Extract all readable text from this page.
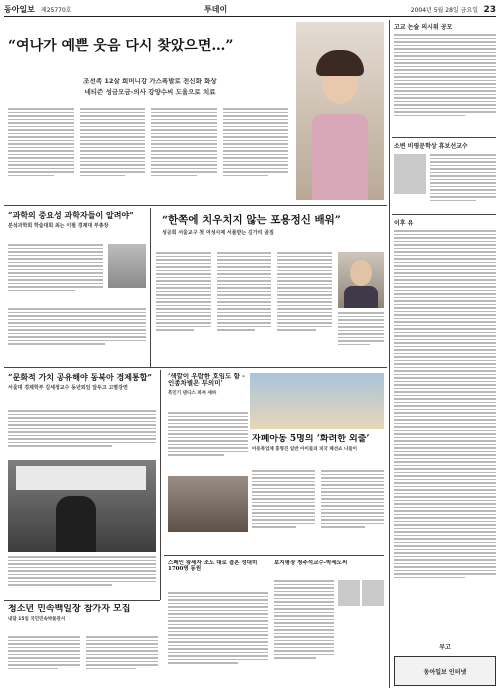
동아일보 제25770호	투데이	2004년 5월 28일 금요일 23
“여나가 예쁜 웃음 다시 찾았으면…”
조선족 12살 희머니강 가스폭발로 전신화 화상
네티즌 성금모금-의사 강양수씨 도움으로 치료
“과학의 중요성 과학자들이 알려야”
분석과학회 학술대회 최는 이필 경제대 부총장
“한쪽에 치우치지 않는 포용정신 배워”
성공회 서울교구 첫 여성사제 서품받는 김가리 골짐
“문화적 가치 공유해야 동북아 경제통합”
서울대 경제학부 김세정교수 동년퇴임 앞두고 고별강연
‘색깔이 우람한 호임도 함 -인종차별은 무의미’
흑인기 댄디스 퍼져 세바
자폐아동 5명의 ‘화려한 외출’
아동복업체 홍형진 일반 아이들과 피국 패션쇼 나들이
스페인 왕세자 조도 대로 결혼 성대히 1700명 동원
보지평장 청주석교수-박세도씨
청소년 민속백일장 참가자 모집
내달 15일 국민민속박물관서
고교 논술 의시워 공모
소변 비평문학상 휴보선교수
이후 유
부고
동아일보 인터넷
